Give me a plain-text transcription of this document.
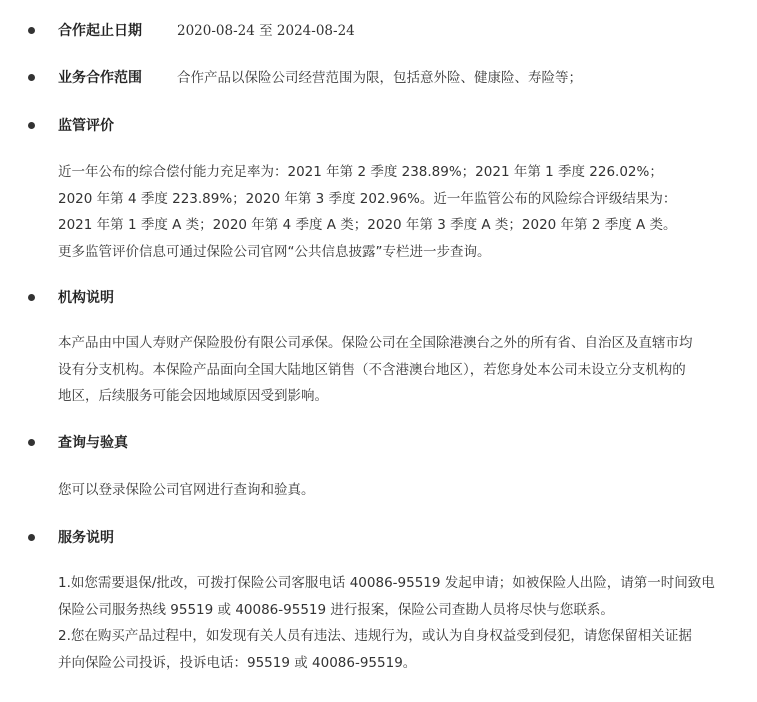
合作起止日期	2020-08-24 至 2024-08-24
业务合作范围	合作产品以保险公司经营范围为限，包括意外险、健康险、寿险等；
监管评价
近一年公布的综合偿付能力充足率为：2021 年第 2 季度 238.89%；2021 年第 1 季度 226.02%；
2020 年第 4 季度 223.89%；2020 年第 3 季度 202.96%。近一年监管公布的风险综合评级结果为：
2021 年第 1 季度 A 类；2020 年第 4 季度 A 类；2020 年第 3 季度 A 类；2020 年第 2 季度 A 类。
更多监管评价信息可通过保险公司官网“公共信息披露”专栏进一步查询。
机构说明
本产品由中国人寿财产保险股份有限公司承保。保险公司在全国除港澳台之外的所有省、自治区及直辖市均
设有分支机构。本保险产品面向全国大陆地区销售（不含港澳台地区），若您身处本公司未设立分支机构的
地区，后续服务可能会因地域原因受到影响。
查询与验真
您可以登录保险公司官网进行查询和验真。
服务说明
1.如您需要退保/批改，可拨打保险公司客服电话 40086-95519 发起申请；如被保险人出险，请第一时间致电
保险公司服务热线 95519 或 40086-95519 进行报案，保险公司查勘人员将尽快与您联系。
2.您在购买产品过程中，如发现有关人员有违法、违规行为，或认为自身权益受到侵犯，请您保留相关证据
并向保险公司投诉，投诉电话：95519 或 40086-95519。
